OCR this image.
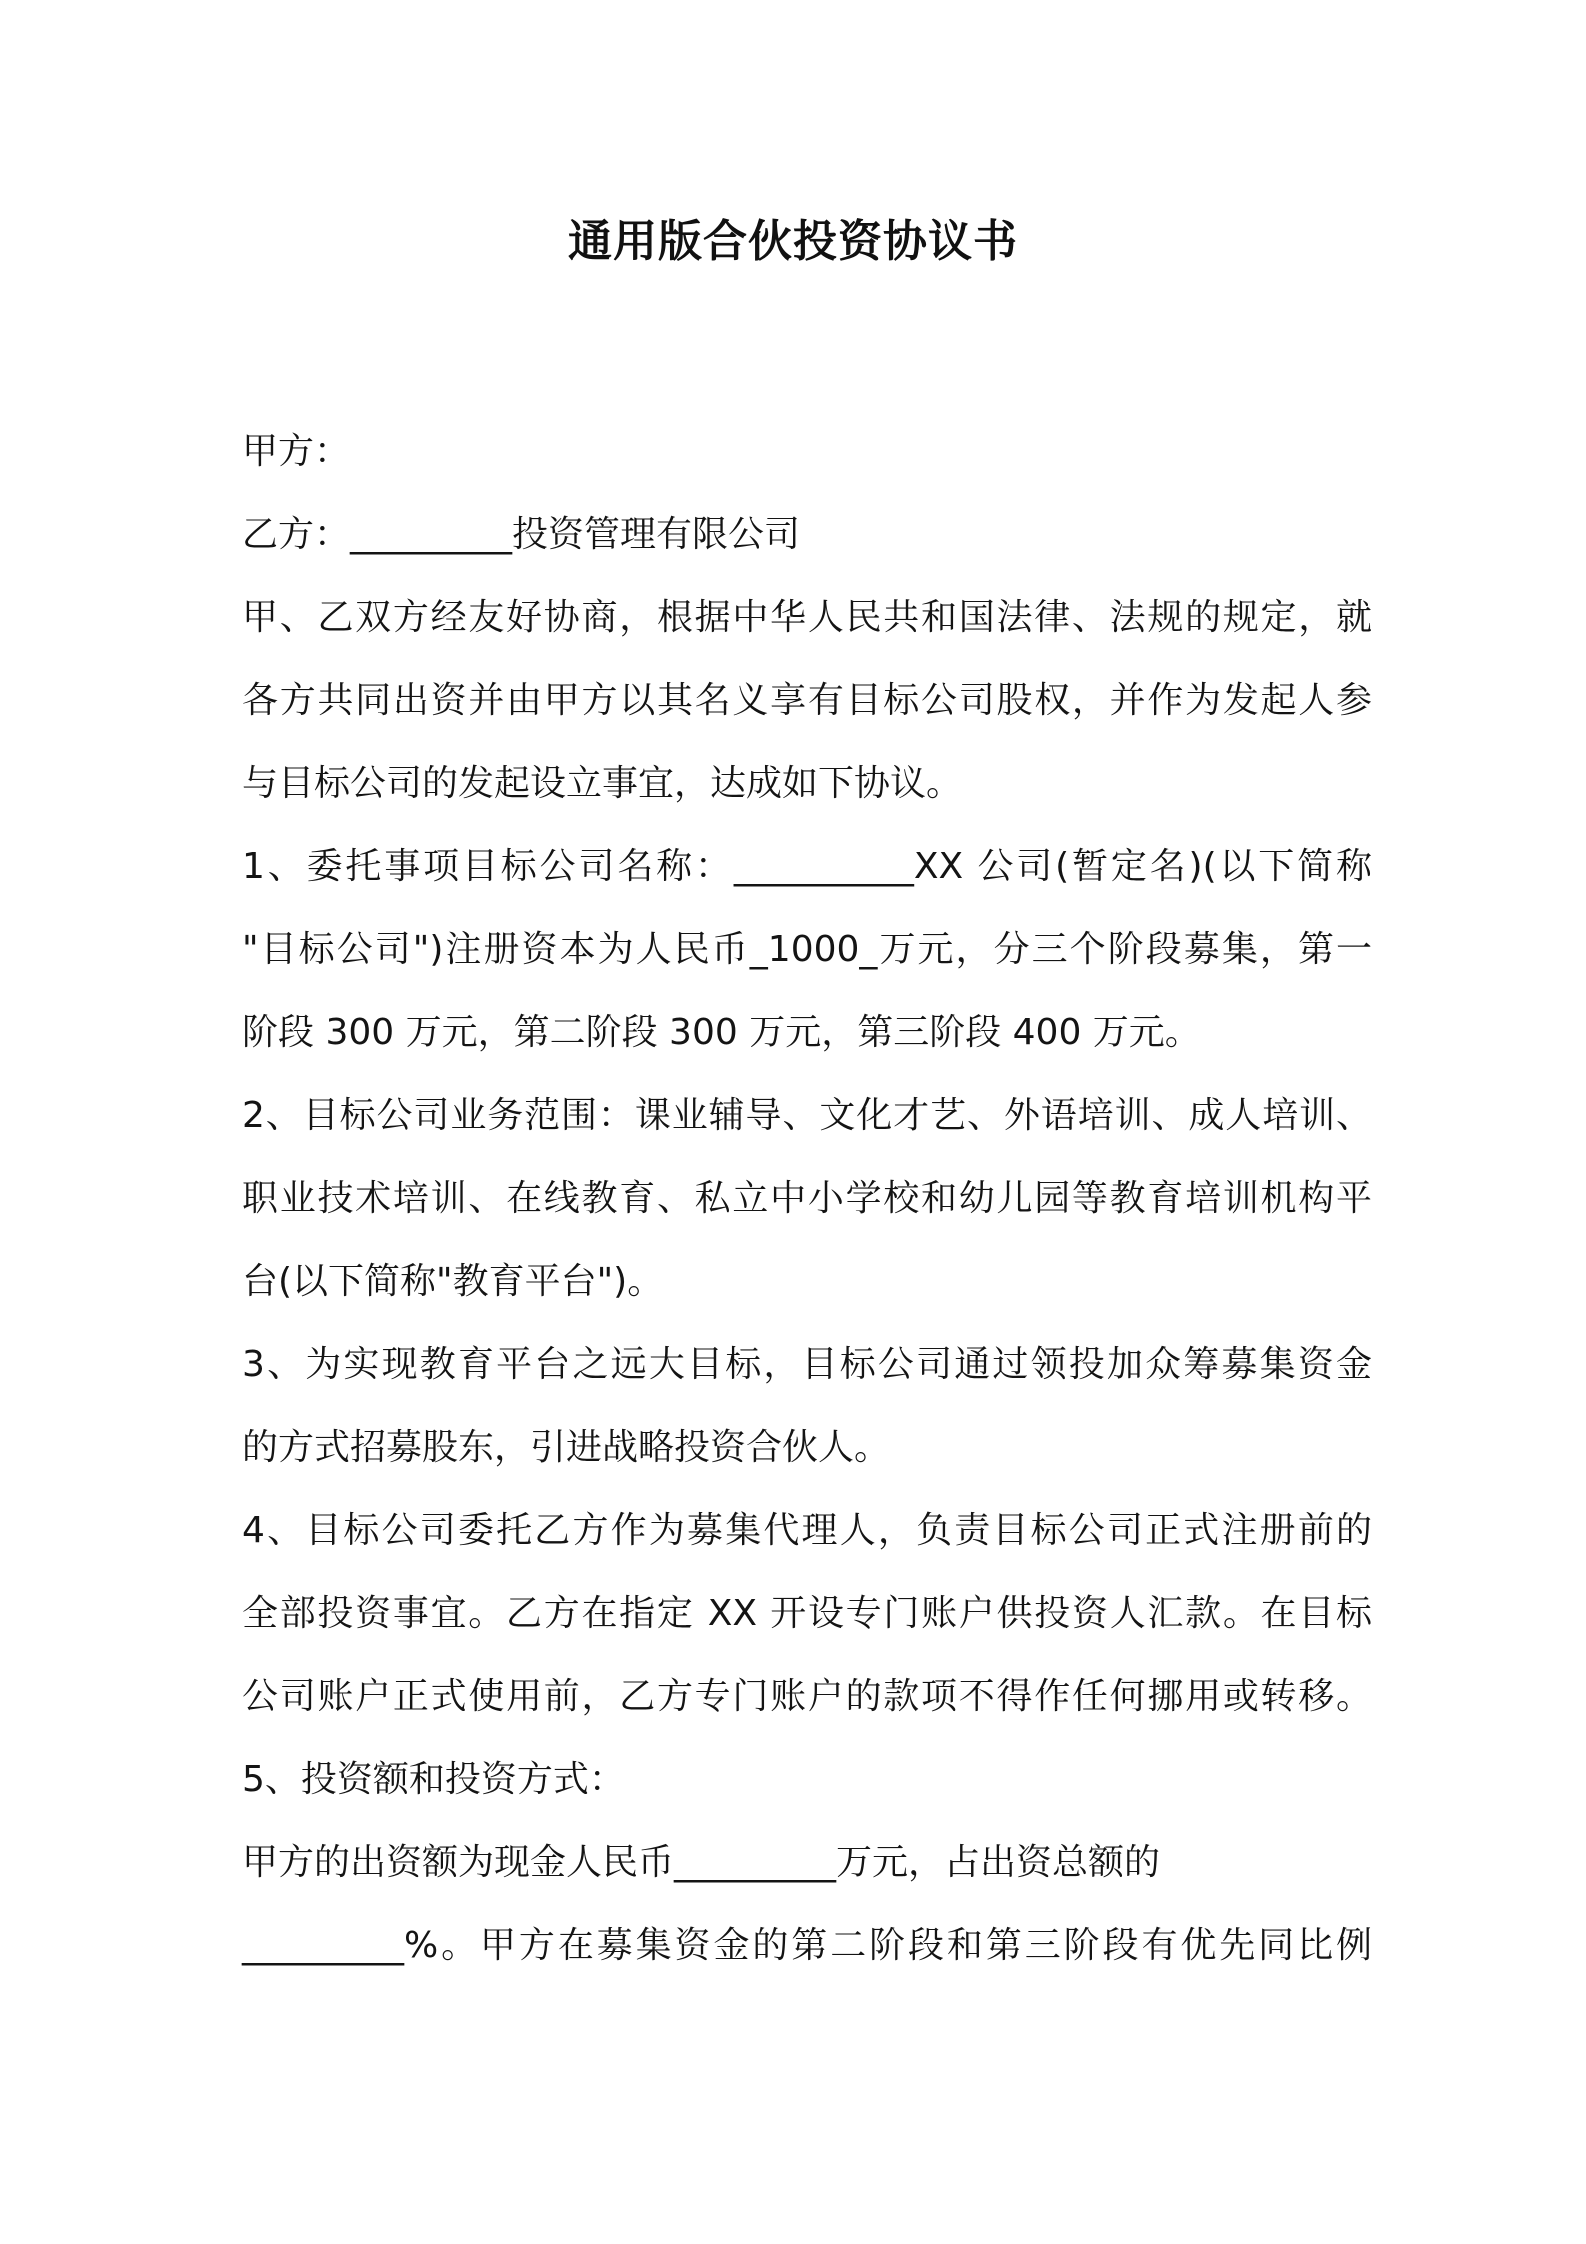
通用版合伙投资协议书
甲方：
乙方：_________投资管理有限公司
甲、乙双方经友好协商，根据中华人民共和国法律、法规的规定，就
各方共同出资并由甲方以其名义享有目标公司股权，并作为发起人参
与目标公司的发起设立事宜，达成如下协议。
1、委托事项目标公司名称：__________XX 公司(暂定名)(以下简称
"目标公司")注册资本为人民币_1000_万元，分三个阶段募集，第一
阶段 300 万元，第二阶段 300 万元，第三阶段 400 万元。
2、目标公司业务范围：课业辅导、文化才艺、外语培训、成人培训、
职业技术培训、在线教育、私立中小学校和幼儿园等教育培训机构平
台(以下简称"教育平台")。
3、为实现教育平台之远大目标，目标公司通过领投加众筹募集资金
的方式招募股东，引进战略投资合伙人。
4、目标公司委托乙方作为募集代理人，负责目标公司正式注册前的
全部投资事宜。乙方在指定 XX 开设专门账户供投资人汇款。在目标
公司账户正式使用前，乙方专门账户的款项不得作任何挪用或转移。
5、投资额和投资方式：
甲方的出资额为现金人民币_________万元，占出资总额的
_________%。甲方在募集资金的第二阶段和第三阶段有优先同比例
